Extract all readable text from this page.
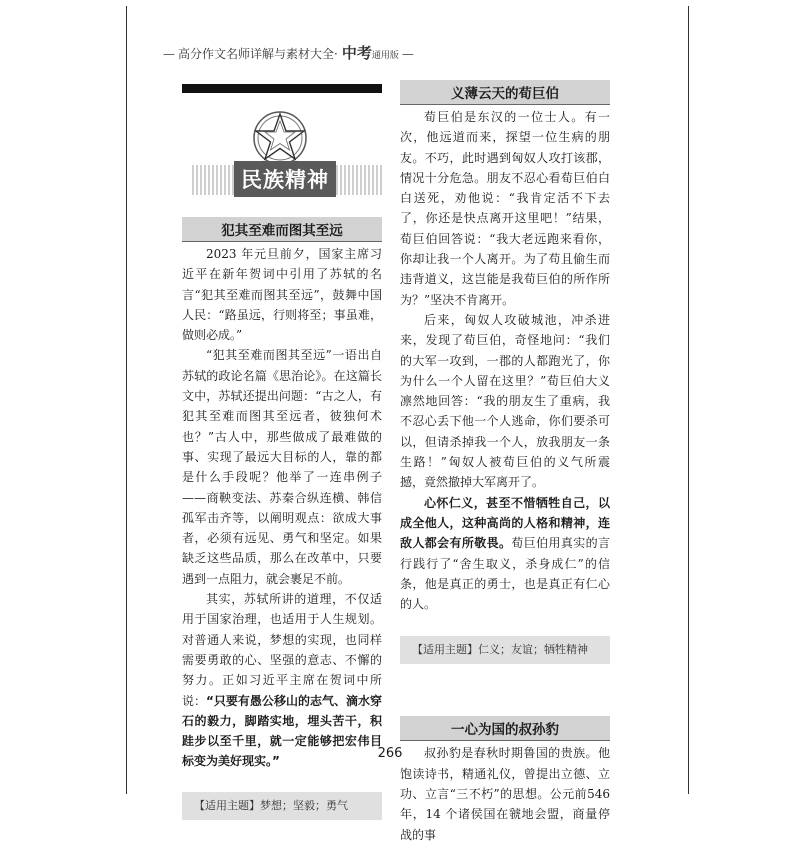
— 高分作文名师详解与素材大全· 中考 通用版 —
民族精神
犯其至难而图其至远

2023 年元旦前夕，国家主席习近平在新年贺词中引用了苏轼的名言“犯其至难而图其至远”，鼓舞中国人民：“路虽远，行则将至；事虽难，做则必成。”

“犯其至难而图其至远”一语出自苏轼的政论名篇《思治论》。在这篇长文中，苏轼还提出问题：“古之人，有犯其至难而图其至远者，彼独何术也？”古人中，那些做成了最难做的事、实现了最远大目标的人，靠的都是什么手段呢？他举了一连串例子——商鞅变法、苏秦合纵连横、韩信孤军击齐等，以阐明观点：欲成大事者，必须有远见、勇气和坚定。如果缺乏这些品质，那么在改革中，只要遇到一点阻力，就会裹足不前。

其实，苏轼所讲的道理，不仅适用于国家治理，也适用于人生规划。对普通人来说，梦想的实现，也同样需要勇敢的心、坚强的意志、不懈的努力。正如习近平主席在贺词中所说：“只要有愚公移山的志气、滴水穿石的毅力，脚踏实地，埋头苦干，积跬步以至千里，就一定能够把宏伟目标变为美好现实。”

【适用主题】梦想；坚毅；勇气
义薄云天的荀巨伯

荀巨伯是东汉的一位士人。有一次，他远道而来，探望一位生病的朋友。不巧，此时遇到匈奴人攻打该郡，情况十分危急。朋友不忍心看荀巨伯白白送死，劝他说：“我肯定活不下去了，你还是快点离开这里吧！”结果，荀巨伯回答说：“我大老远跑来看你，你却让我一个人离开。为了苟且偷生而违背道义，这岂能是我荀巨伯的所作所为？”坚决不肯离开。

后来，匈奴人攻破城池，冲杀进来，发现了荀巨伯，奇怪地问：“我们的大军一攻到，一郡的人都跑光了，你为什么一个人留在这里？”荀巨伯大义凛然地回答：“我的朋友生了重病，我不忍心丢下他一个人逃命，你们要杀可以，但请杀掉我一个人，放我朋友一条生路！”匈奴人被荀巨伯的义气所震撼，竟然撤掉大军离开了。

心怀仁义，甚至不惜牺牲自己，以成全他人，这种高尚的人格和精神，连敌人都会有所敬畏。荀巨伯用真实的言行践行了“舍生取义，杀身成仁”的信条，他是真正的勇士，也是真正有仁心的人。

【适用主题】仁义；友谊；牺牲精神
一心为国的叔孙豹

叔孙豹是春秋时期鲁国的贵族。他饱读诗书，精通礼仪，曾提出立德、立功、立言“三不朽”的思想。公元前546 年，14 个诸侯国在虢地会盟，商量停战的事

266
